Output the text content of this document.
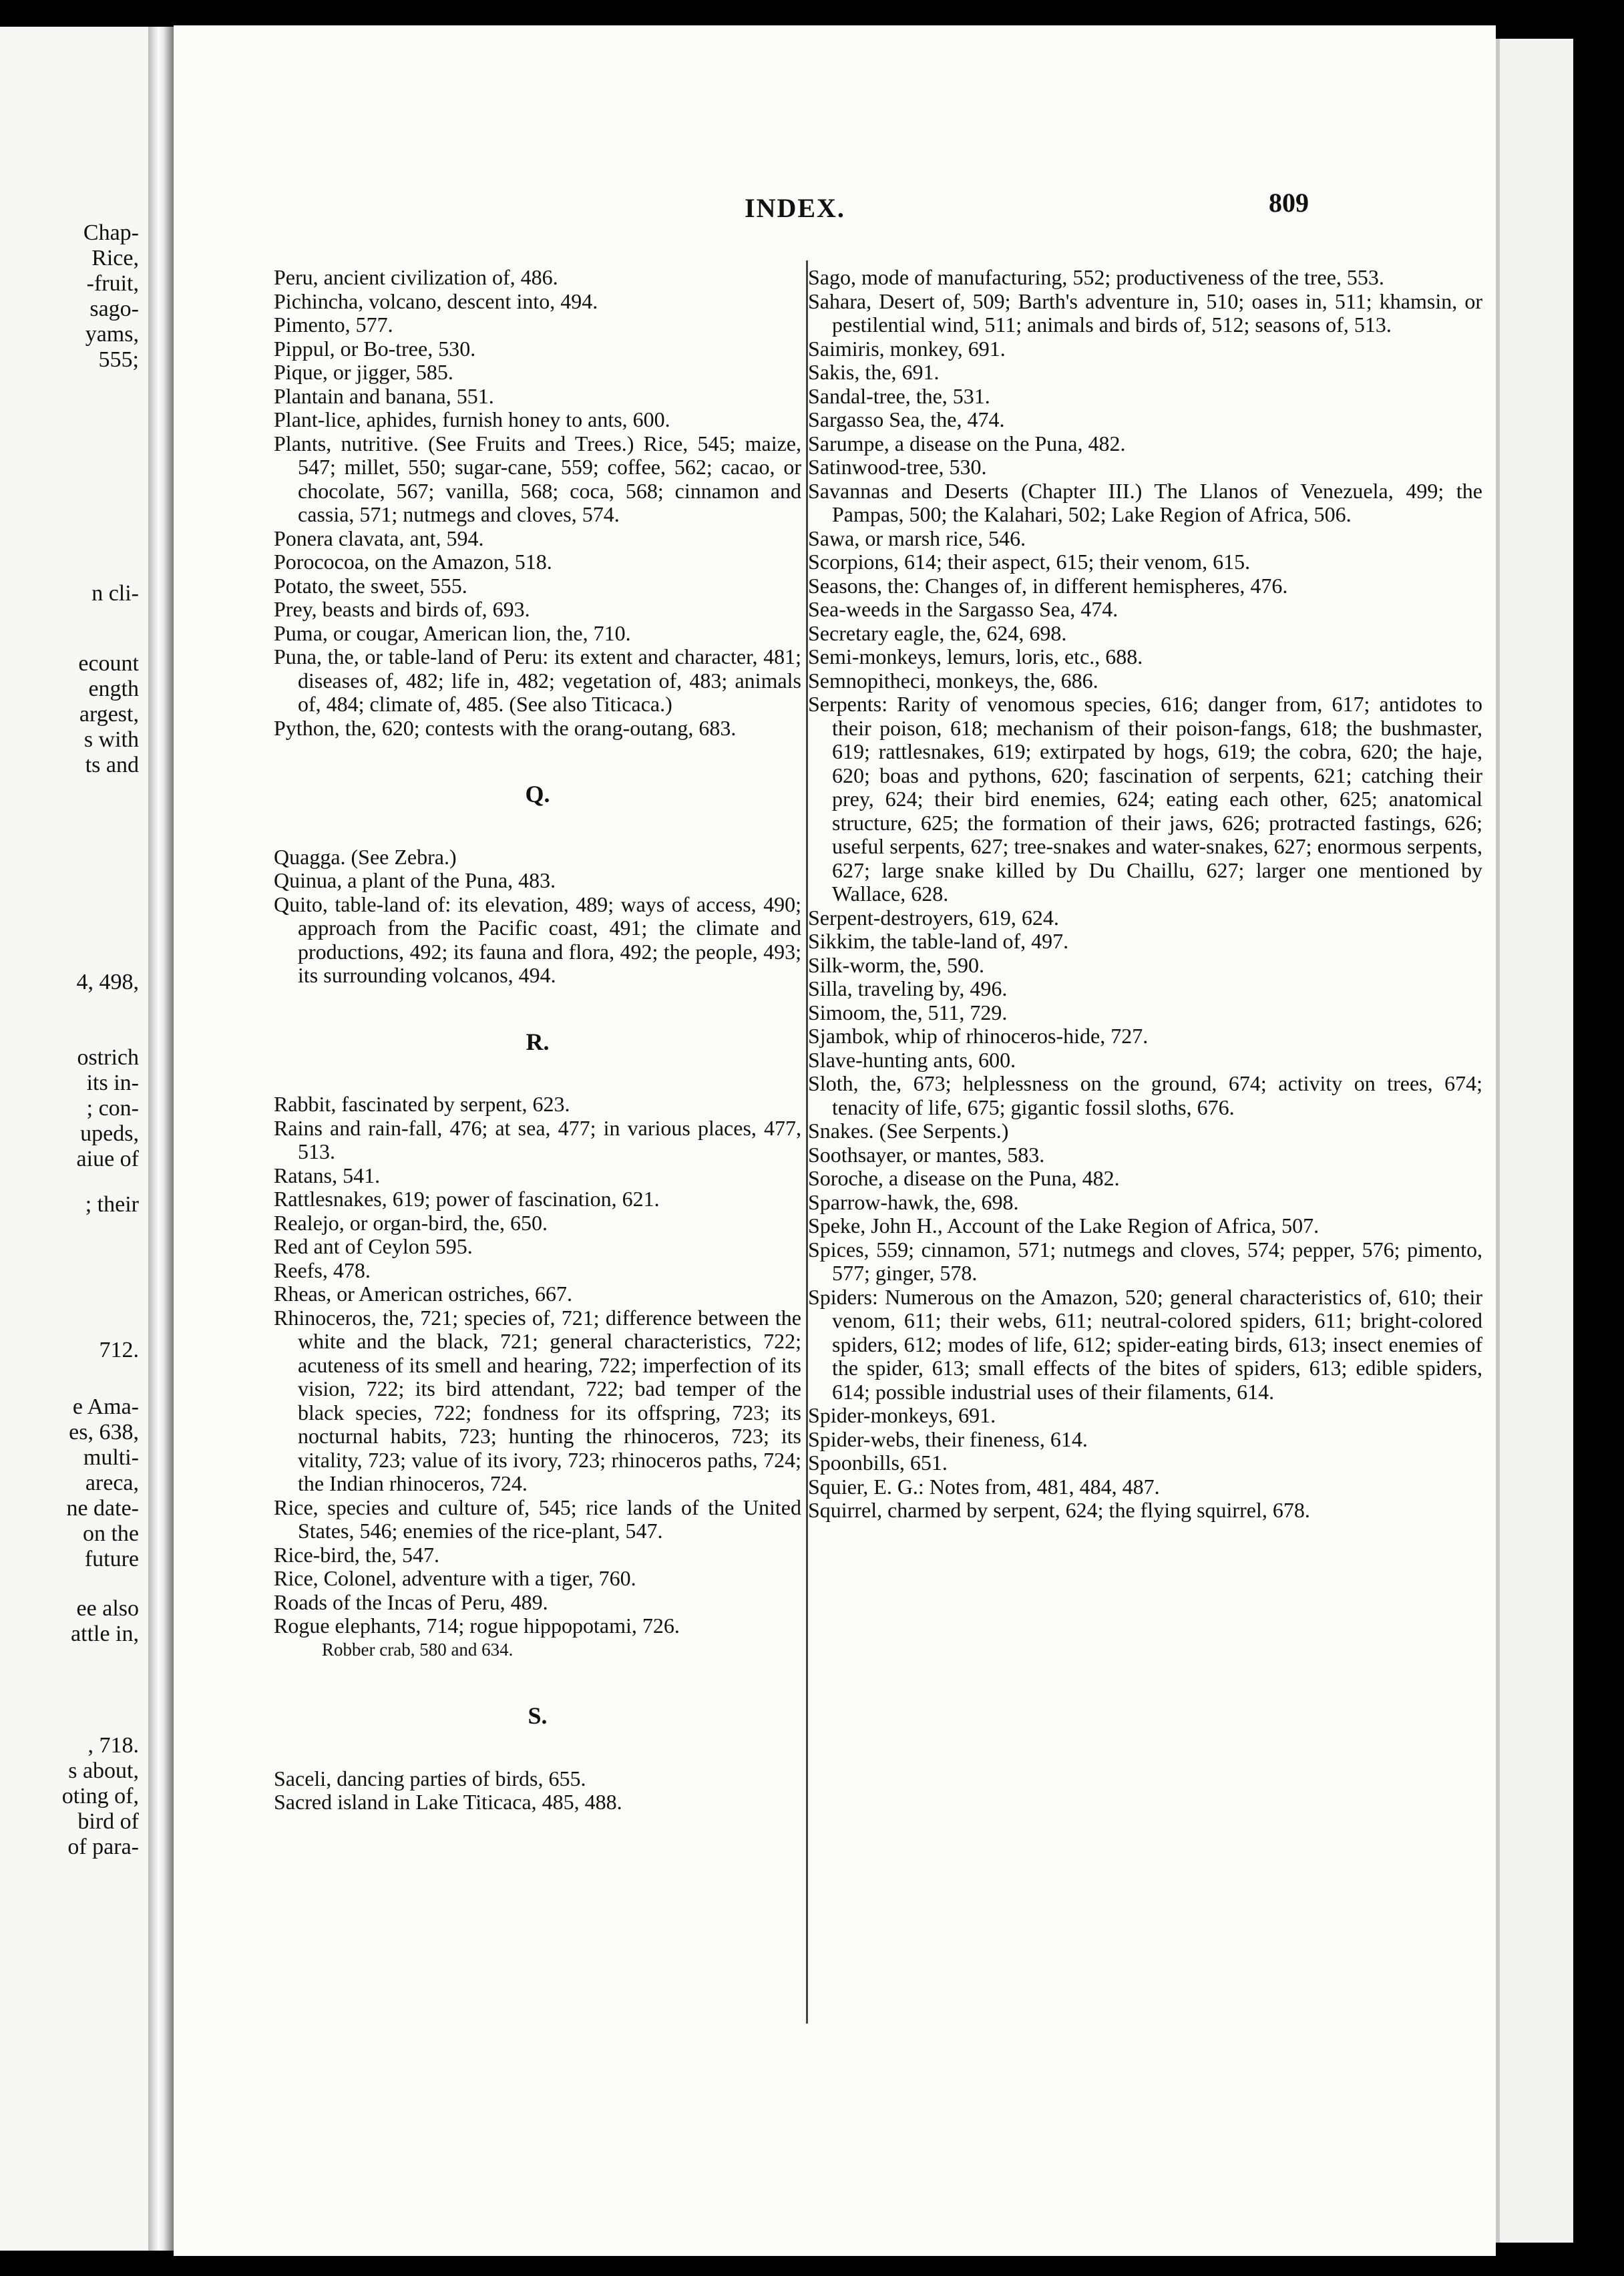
Chap-
Rice,
-fruit,
sago-
yams,
555;
n cli-
ecount
ength
argest,
s with
ts and
4, 498,
ostrich
its in-
; con-
upeds,
aiue of
; their
712.
e Ama-
es, 638,
multi-
areca,
ne date-
on the
future
ee also
attle in,
, 718.
s about,
oting of,
bird of
of para-
INDEX.	809
Peru, ancient civilization of, 486.
Pichincha, volcano, descent into, 494.
Pimento, 577.
Pippul, or Bo-tree, 530.
Pique, or jigger, 585.
Plantain and banana, 551.
Plant-lice, aphides, furnish honey to ants, 600.
Plants, nutritive. (See Fruits and Trees.) Rice, 545; maize, 547; millet, 550; sugar-cane, 559; coffee, 562; cacao, or chocolate, 567; vanilla, 568; coca, 568; cinnamon and cassia, 571; nutmegs and cloves, 574.
Ponera clavata, ant, 594.
Porococoa, on the Amazon, 518.
Potato, the sweet, 555.
Prey, beasts and birds of, 693.
Puma, or cougar, American lion, the, 710.
Puna, the, or table-land of Peru: its extent and character, 481; diseases of, 482; life in, 482; vegetation of, 483; animals of, 484; climate of, 485. (See also Titicaca.)
Python, the, 620; contests with the orang-outang, 683.
Q.
Quagga. (See Zebra.)
Quinua, a plant of the Puna, 483.
Quito, table-land of: its elevation, 489; ways of access, 490; approach from the Pacific coast, 491; the climate and productions, 492; its fauna and flora, 492; the people, 493; its surrounding volcanos, 494.
R.
Rabbit, fascinated by serpent, 623.
Rains and rain-fall, 476; at sea, 477; in various places, 477, 513.
Ratans, 541.
Rattlesnakes, 619; power of fascination, 621.
Realejo, or organ-bird, the, 650.
Red ant of Ceylon 595.
Reefs, 478.
Rheas, or American ostriches, 667.
Rhinoceros, the, 721; species of, 721; difference between the white and the black, 721; general characteristics, 722; acuteness of its smell and hearing, 722; imperfection of its vision, 722; its bird attendant, 722; bad temper of the black species, 722; fondness for its offspring, 723; its nocturnal habits, 723; hunting the rhinoceros, 723; its vitality, 723; value of its ivory, 723; rhinoceros paths, 724; the Indian rhinoceros, 724.
Rice, species and culture of, 545; rice lands of the United States, 546; enemies of the rice-plant, 547.
Rice-bird, the, 547.
Rice, Colonel, adventure with a tiger, 760.
Roads of the Incas of Peru, 489.
Rogue elephants, 714; rogue hippopotami, 726.
Robber crab, 580 and 634.
S.
Saceli, dancing parties of birds, 655.
Sacred island in Lake Titicaca, 485, 488.
Sago, mode of manufacturing, 552; productiveness of the tree, 553.
Sahara, Desert of, 509; Barth's adventure in, 510; oases in, 511; khamsin, or pestilential wind, 511; animals and birds of, 512; seasons of, 513.
Saimiris, monkey, 691.
Sakis, the, 691.
Sandal-tree, the, 531.
Sargasso Sea, the, 474.
Sarumpe, a disease on the Puna, 482.
Satinwood-tree, 530.
Savannas and Deserts (Chapter III.) The Llanos of Venezuela, 499; the Pampas, 500; the Kalahari, 502; Lake Region of Africa, 506.
Sawa, or marsh rice, 546.
Scorpions, 614; their aspect, 615; their venom, 615.
Seasons, the: Changes of, in different hemispheres, 476.
Sea-weeds in the Sargasso Sea, 474.
Secretary eagle, the, 624, 698.
Semi-monkeys, lemurs, loris, etc., 688.
Semnopitheci, monkeys, the, 686.
Serpents: Rarity of venomous species, 616; danger from, 617; antidotes to their poison, 618; mechanism of their poison-fangs, 618; the bushmaster, 619; rattlesnakes, 619; extirpated by hogs, 619; the cobra, 620; the haje, 620; boas and pythons, 620; fascination of serpents, 621; catching their prey, 624; their bird enemies, 624; eating each other, 625; anatomical structure, 625; the formation of their jaws, 626; protracted fastings, 626; useful serpents, 627; tree-snakes and water-snakes, 627; enormous serpents, 627; large snake killed by Du Chaillu, 627; larger one mentioned by Wallace, 628.
Serpent-destroyers, 619, 624.
Sikkim, the table-land of, 497.
Silk-worm, the, 590.
Silla, traveling by, 496.
Simoom, the, 511, 729.
Sjambok, whip of rhinoceros-hide, 727.
Slave-hunting ants, 600.
Sloth, the, 673; helplessness on the ground, 674; activity on trees, 674; tenacity of life, 675; gigantic fossil sloths, 676.
Snakes. (See Serpents.)
Soothsayer, or mantes, 583.
Soroche, a disease on the Puna, 482.
Sparrow-hawk, the, 698.
Speke, John H., Account of the Lake Region of Africa, 507.
Spices, 559; cinnamon, 571; nutmegs and cloves, 574; pepper, 576; pimento, 577; ginger, 578.
Spiders: Numerous on the Amazon, 520; general characteristics of, 610; their venom, 611; their webs, 611; neutral-colored spiders, 611; bright-colored spiders, 612; modes of life, 612; spider-eating birds, 613; insect enemies of the spider, 613; small effects of the bites of spiders, 613; edible spiders, 614; possible industrial uses of their filaments, 614.
Spider-monkeys, 691.
Spider-webs, their fineness, 614.
Spoonbills, 651.
Squier, E. G.: Notes from, 481, 484, 487.
Squirrel, charmed by serpent, 624; the flying squirrel, 678.
